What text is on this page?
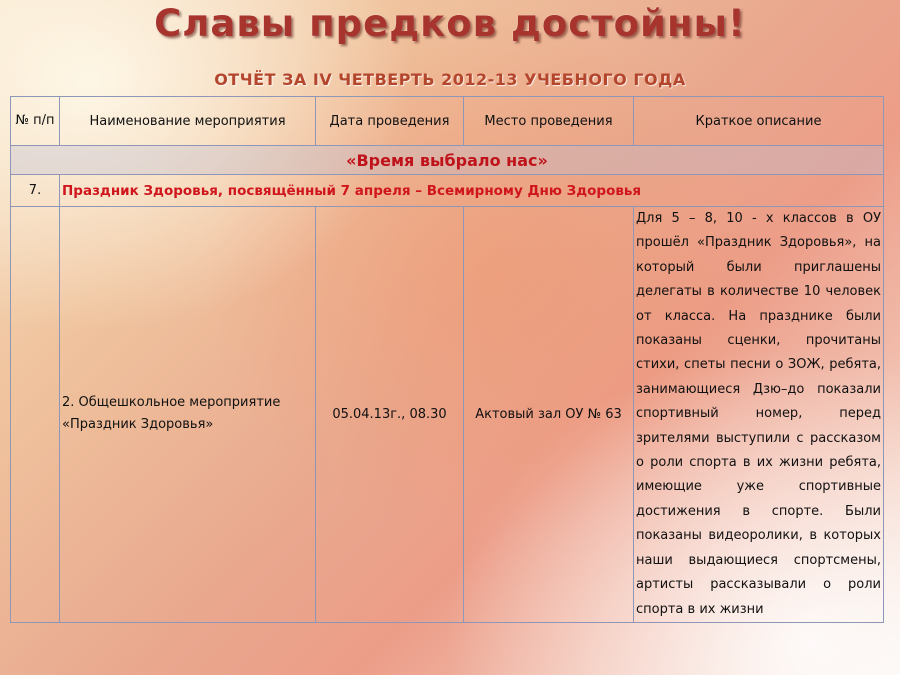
Славы предков достойны!
ОТЧЁТ ЗА IV ЧЕТВЕРТЬ 2012-13 УЧЕБНОГО ГОДА
№ п/п	Наименование мероприятия	Дата проведения	Место проведения	Краткое описание
«Время выбрало нас»				
7.	Праздник Здоровья, посвящённый 7 апреля – Всемирному Дню Здоровья			
	2. Общешкольное мероприятие «Праздник Здоровья»	05.04.13г., 08.30	Актовый зал ОУ № 63	Для 5 – 8, 10 - х классов в ОУ прошёл «Праздник Здоровья», на который были приглашены делегаты в количестве 10 человек от класса. На празднике были показаны сценки, прочитаны стихи, спеты песни о ЗОЖ, ребята, занимающиеся Дзю–до показали спортивный номер, перед зрителями выступили с рассказом о роли спорта в их жизни ребята, имеющие уже спортивные достижения в спорте. Были показаны видеоролики, в которых наши выдающиеся спортсмены, артисты рассказывали о роли спорта в их жизни
